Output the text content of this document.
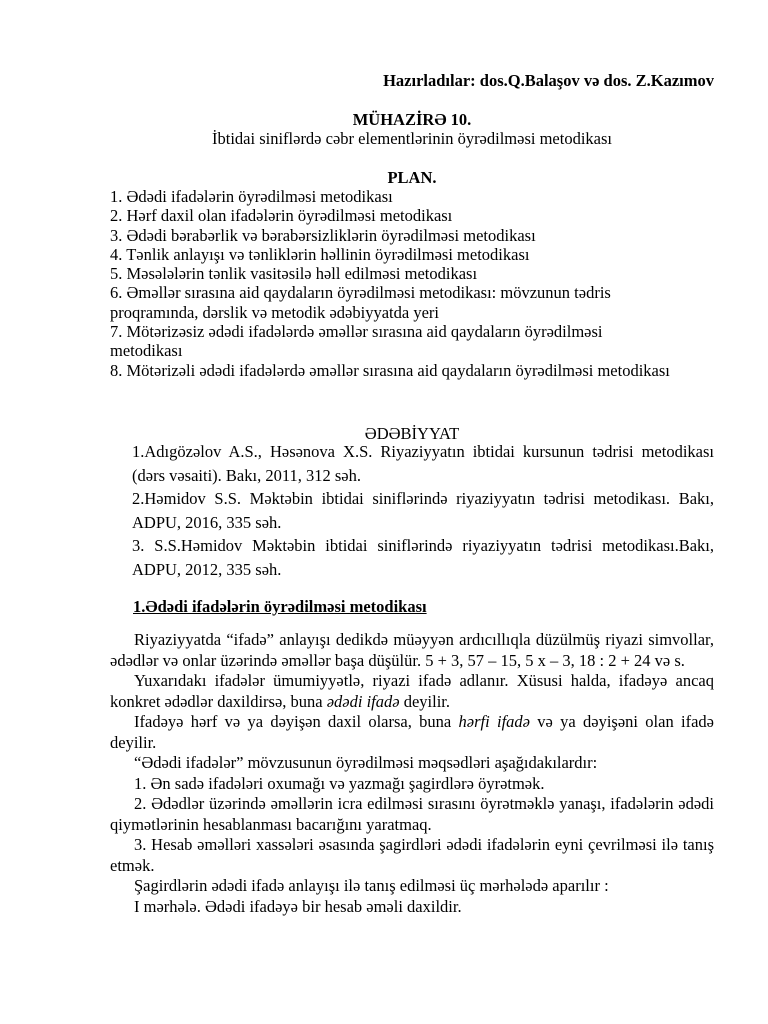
Hazırladılar: dos.Q.Balaşov və dos. Z.Kazımov
MÜHAZİRƏ 10.
İbtidai siniflərdə cəbr elementlərinin öyrədilməsi metodikası
PLAN.
1. Ədədi ifadələrin öyrədilməsi metodikası
2. Hərf daxil olan ifadələrin öyrədilməsi metodikası
3. Ədədi bərabərlik və bərabərsizliklərin öyrədilməsi metodikası
4. Tənlik anlayışı və tənliklərin həllinin öyrədilməsi metodikası
5. Məsələlərin tənlik vasitəsilə həll edilməsi metodikası
6. Əməllər sırasına aid qaydaların öyrədilməsi metodikası: mövzunun tədris proqramında, dərslik və metodik ədəbiyyatda yeri
7. Mötərizəsiz ədədi ifadələrdə əməllər sırasına aid qaydaların öyrədilməsi metodikası
8. Mötərizəli ədədi ifadələrdə əməllər sırasına aid qaydaların öyrədilməsi metodikası
ƏDƏBİYYAT
1.Adıgözəlov A.S., Həsənova X.S. Riyaziyyatın ibtidai kursunun tədrisi metodikası (dərs vəsaiti). Bakı, 2011, 312 səh.
2.Həmidov S.S. Məktəbin ibtidai siniflərində riyaziyyatın tədrisi metodikası. Bakı, ADPU, 2016, 335 səh.
3. S.S.Həmidov Məktəbin ibtidai siniflərində riyaziyyatın tədrisi metodikası.Bakı, ADPU, 2012, 335 səh.
1.Ədədi ifadələrin öyrədilməsi metodikası

Riyaziyyatda “ifadə” anlayışı dedikdə müəyyən ardıcıllıqla düzülmüş riyazi simvollar, ədədlər və onlar üzərində əməllər başa düşülür. 5 + 3, 57 – 15, 5 x – 3, 18 : 2 + 24 və s.

Yuxarıdakı ifadələr ümumiyyətlə, riyazi ifadə adlanır. Xüsusi halda, ifadəyə ancaq konkret ədədlər daxildirsə, buna ədədi ifadə deyilir.

Ifadəyə hərf və ya dəyişən daxil olarsa, buna hərfi ifadə və ya dəyişəni olan ifadə deyilir.

“Ədədi ifadələr” mövzusunun öyrədilməsi məqsədləri aşağıdakılardır:

1. Ən sadə ifadələri oxumağı və yazmağı şagirdlərə öyrətmək.

2. Ədədlər üzərində əməllərin icra edilməsi sırasını öyrətməklə yanaşı, ifadələrin ədədi qiymətlərinin hesablanması bacarığını yaratmaq.

3. Hesab əməlləri xassələri əsasında şagirdləri ədədi ifadələrin eyni çevrilməsi ilə tanış etmək.

Şagirdlərin ədədi ifadə anlayışı ilə tanış edilməsi üç mərhələdə aparılır :

I mərhələ. Ədədi ifadəyə bir hesab əməli daxildir.
